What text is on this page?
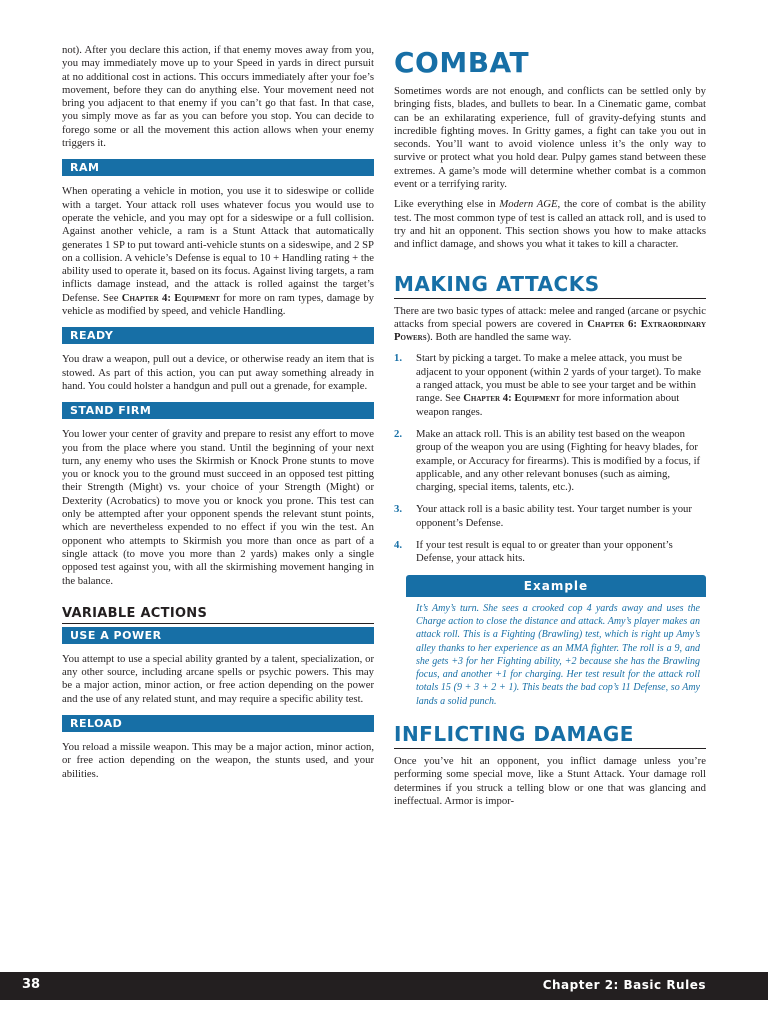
not). After you declare this action, if that enemy moves away from you, you may immediately move up to your Speed in yards in direct pursuit at no additional cost in actions. This occurs immediately after your foe’s movement, before they can do anything else. Your movement need not bring you adjacent to that enemy if you can’t go that fast. In that case, you simply move as far as you can before you stop. You can decide to forego some or all the movement this action allows when your enemy triggers it.

RAM

When operating a vehicle in motion, you use it to sideswipe or collide with a target. Your attack roll uses whatever focus you would use to operate the vehicle, and you may opt for a sideswipe or a full collision. Against another vehicle, a ram is a Stunt Attack that automatically generates 1 SP to put toward anti-vehicle stunts on a sideswipe, and 2 SP on a collision. A vehicle’s Defense is equal to 10 + Handling rating + the ability used to operate it, based on its focus. Against living targets, a ram inflicts damage instead, and the attack is rolled against the target’s Defense. See Chapter 4: Equipment for more on ram types, damage by vehicle as modified by speed, and vehicle Handling.

READY

You draw a weapon, pull out a device, or otherwise ready an item that is stowed. As part of this action, you can put away something already in hand. You could holster a handgun and pull out a grenade, for example.

STAND FIRM

You lower your center of gravity and prepare to resist any effort to move you from the place where you stand. Until the beginning of your next turn, any enemy who uses the Skirmish or Knock Prone stunts to move you or knock you to the ground must succeed in an opposed test pitting their Strength (Might) vs. your choice of your Strength (Might) or Dexterity (Acrobatics) to move you or knock you prone. This test can only be attempted after your opponent spends the relevant stunt points, which are nevertheless expended to no effect if you win the test. An opponent who attempts to Skirmish you more than once as part of a single attack (to move you more than 2 yards) makes only a single opposed test against you, with all the skirmishing movement hanging in the balance.

VARIABLE ACTIONS
USE A POWER

You attempt to use a special ability granted by a talent, specialization, or any other source, including arcane spells or psychic powers. This may be a major action, minor action, or free action depending on the power and the use of any related stunt, and may require a specific ability test.

RELOAD

You reload a missile weapon. This may be a major action, minor action, or free action depending on the weapon, the stunts used, and your abilities.

COMBAT

Sometimes words are not enough, and conflicts can be settled only by bringing fists, blades, and bullets to bear. In a Cinematic game, combat can be an exhilarating experience, full of gravity-defying stunts and incredible fighting moves. In Gritty games, a fight can take you out in seconds. You’ll want to avoid violence unless it’s the only way to survive or protect what you hold dear. Pulpy games stand between these extremes. A game’s mode will determine whether combat is a common event or a terrifying rarity.

Like everything else in Modern AGE, the core of combat is the ability test. The most common type of test is called an attack roll, and is used to try and hit an opponent. This section shows you how to make attacks and inflict damage, and shows you what it takes to kill a character.

MAKING ATTACKS

There are two basic types of attack: melee and ranged (arcane or psychic attacks from special powers are covered in Chapter 6: Extraordinary Powers). Both are handled the same way.

1. Start by picking a target. To make a melee attack, you must be adjacent to your opponent (within 2 yards of your target). To make a ranged attack, you must be able to see your target and be within range. See Chapter 4: Equipment for more information about weapon ranges.
2. Make an attack roll. This is an ability test based on the weapon group of the weapon you are using (Fighting for heavy blades, for example, or Accuracy for firearms). This is modified by a focus, if applicable, and any other relevant bonuses (such as aiming, charging, special items, talents, etc.).
3. Your attack roll is a basic ability test. Your target number is your opponent’s Defense.
4. If your test result is equal to or greater than your opponent’s Defense, your attack hits.
Example
It’s Amy’s turn. She sees a crooked cop 4 yards away and uses the Charge action to close the distance and attack. Amy’s player makes an attack roll. This is a Fighting (Brawling) test, which is right up Amy’s alley thanks to her experience as an MMA fighter. The roll is a 9, and she gets +3 for her Fighting ability, +2 because she has the Brawling focus, and another +1 for charging. Her test result for the attack roll totals 15 (9 + 3 + 2 + 1). This beats the bad cop’s 11 Defense, so Amy lands a solid punch.
INFLICTING DAMAGE

Once you’ve hit an opponent, you inflict damage unless you’re performing some special move, like a Stunt Attack. Your damage roll determines if you struck a telling blow or one that was glancing and ineffectual. Armor is impor-

38	Chapter 2: Basic Rules
